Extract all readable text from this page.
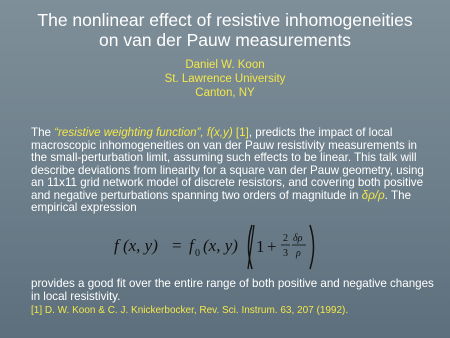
The nonlinear effect of resistive inhomogeneities
on van der Pauw measurements
Daniel W. Koon
St. Lawrence University
Canton, NY
The “resistive weighting function”, f(x,y) [1], predicts the impact of local macroscopic inhomogeneities on van der Pauw resistivity measurements in the small-perturbation limit, assuming such effects to be linear. This talk will describe deviations from linearity for a square van der Pauw geometry, using an 11x11 grid network model of discrete resistors, and covering both positive and negative perturbations spanning two orders of magnitude in δρ/ρ. The empirical expression
f (x, y) = f 0 (x, y) 1 + 2
3
δρ
ρ
provides a good fit over the entire range of both positive and negative changes in local resistivity.
[1] D. W. Koon & C. J. Knickerbocker, Rev. Sci. Instrum. 63, 207 (1992).
